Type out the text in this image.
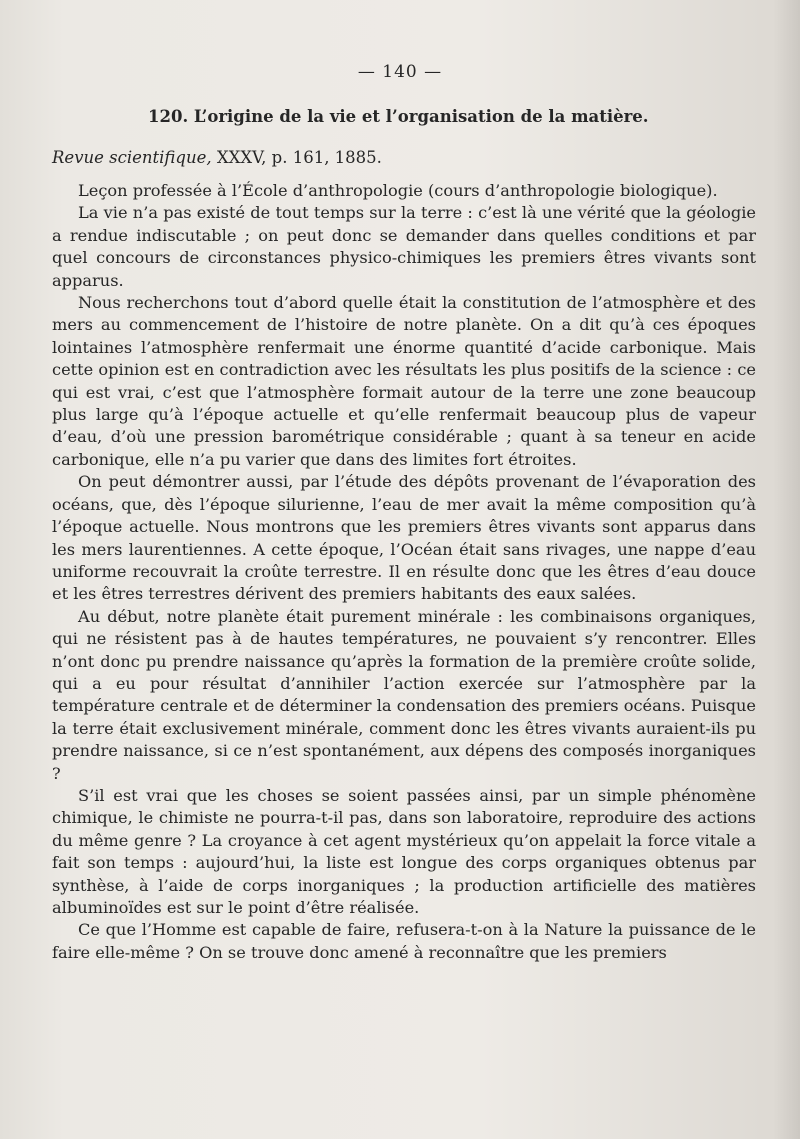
— 140 —
120. L’origine de la vie et l’organisation de la matière.
Revue scientifique, XXXV, p. 161, 1885.

Leçon professée à l’École d’anthropologie (cours d’anthropologie biologique).

La vie n’a pas existé de tout temps sur la terre : c’est là une vérité que la géologie a rendue indiscutable ; on peut donc se demander dans quelles conditions et par quel concours de circonstances physico-chimiques les premiers êtres vivants sont apparus.

Nous recherchons tout d’abord quelle était la constitution de l’atmosphère et des mers au commencement de l’histoire de notre planète. On a dit qu’à ces époques lointaines l’atmosphère renfermait une énorme quantité d’acide carbonique. Mais cette opinion est en contradiction avec les résultats les plus positifs de la science : ce qui est vrai, c’est que l’atmosphère formait autour de la terre une zone beaucoup plus large qu’à l’époque actuelle et qu’elle renfermait beaucoup plus de vapeur d’eau, d’où une pression barométrique considérable ; quant à sa teneur en acide carbonique, elle n’a pu varier que dans des limites fort étroites.

On peut démontrer aussi, par l’étude des dépôts provenant de l’évaporation des océans, que, dès l’époque silurienne, l’eau de mer avait la même composition qu’à l’époque actuelle. Nous montrons que les premiers êtres vivants sont apparus dans les mers laurentiennes. A cette époque, l’Océan était sans rivages, une nappe d’eau uniforme recouvrait la croûte terrestre. Il en résulte donc que les êtres d’eau douce et les êtres terrestres dérivent des premiers habitants des eaux salées.

Au début, notre planète était purement minérale : les combinaisons organiques, qui ne résistent pas à de hautes températures, ne pouvaient s’y rencontrer. Elles n’ont donc pu prendre naissance qu’après la formation de la première croûte solide, qui a eu pour résultat d’annihiler l’action exercée sur l’atmosphère par la température centrale et de déterminer la condensation des premiers océans. Puisque la terre était exclusivement minérale, comment donc les êtres vivants auraient-ils pu prendre naissance, si ce n’est spontanément, aux dépens des composés inorganiques ?

S’il est vrai que les choses se soient passées ainsi, par un simple phénomène chimique, le chimiste ne pourra-t-il pas, dans son laboratoire, reproduire des actions du même genre ? La croyance à cet agent mystérieux qu’on appelait la force vitale a fait son temps : aujourd’hui, la liste est longue des corps organiques obtenus par synthèse, à l’aide de corps inorganiques ; la production artificielle des matières albuminoïdes est sur le point d’être réalisée.

Ce que l’Homme est capable de faire, refusera-t-on à la Nature la puissance de le faire elle-même ? On se trouve donc amené à reconnaître que les premiers
